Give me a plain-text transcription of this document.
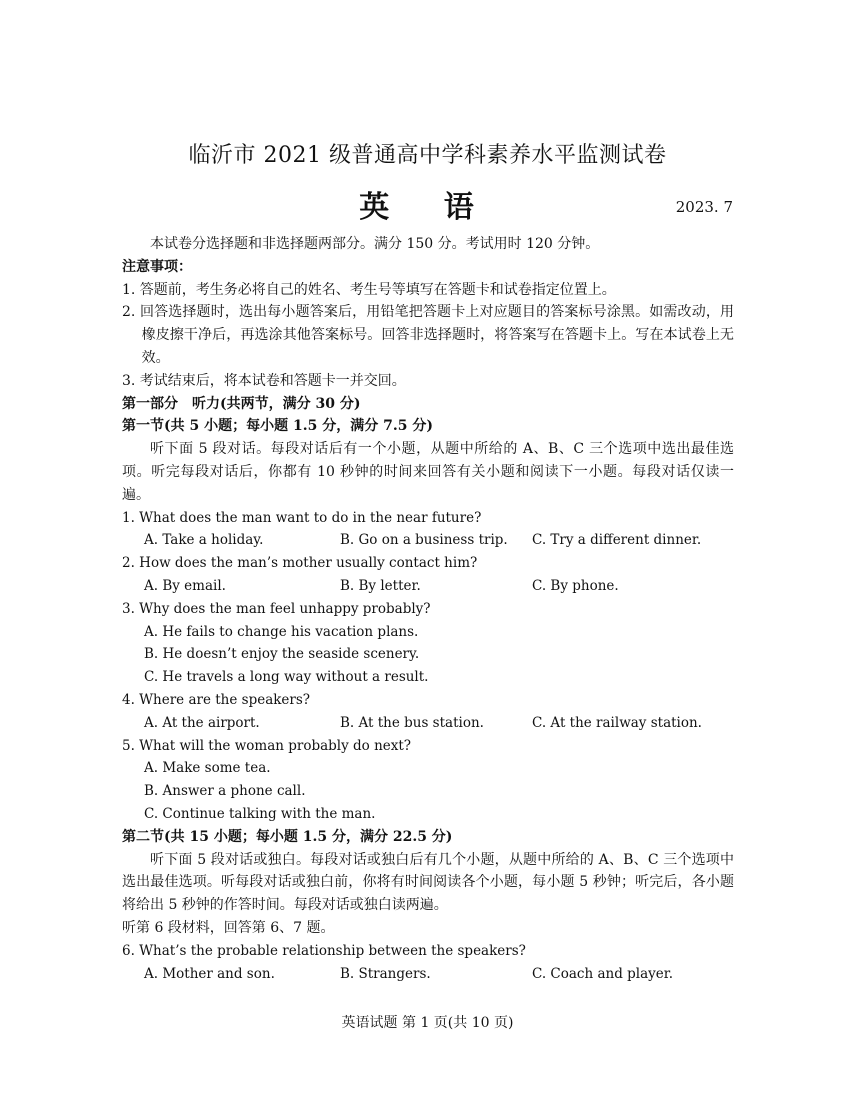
临沂市 2021 级普通高中学科素养水平监测试卷
英 语	2023. 7
本试卷分选择题和非选择题两部分。满分 150 分。考试用时 120 分钟。
注意事项：
1. 答题前，考生务必将自己的姓名、考生号等填写在答题卡和试卷指定位置上。
2. 回答选择题时，选出每小题答案后，用铅笔把答题卡上对应题目的答案标号涂黑。如需改动，用橡皮擦干净后，再选涂其他答案标号。回答非选择题时，将答案写在答题卡上。写在本试卷上无效。
3. 考试结束后，将本试卷和答题卡一并交回。
第一部分　听力(共两节，满分 30 分)
第一节(共 5 小题；每小题 1.5 分，满分 7.5 分)
听下面 5 段对话。每段对话后有一个小题，从题中所给的 A、B、C 三个选项中选出最佳选项。听完每段对话后，你都有 10 秒钟的时间来回答有关小题和阅读下一小题。每段对话仅读一遍。
1. What does the man want to do in the near future?
A. Take a holiday.	B. Go on a business trip.	C. Try a different dinner.
2. How does the man’s mother usually contact him?
A. By email.	B. By letter.	C. By phone.
3. Why does the man feel unhappy probably?
A. He fails to change his vacation plans.
B. He doesn’t enjoy the seaside scenery.
C. He travels a long way without a result.
4. Where are the speakers?
A. At the airport.	B. At the bus station.	C. At the railway station.
5. What will the woman probably do next?
A. Make some tea.
B. Answer a phone call.
C. Continue talking with the man.
第二节(共 15 小题；每小题 1.5 分，满分 22.5 分)
听下面 5 段对话或独白。每段对话或独白后有几个小题，从题中所给的 A、B、C 三个选项中选出最佳选项。听每段对话或独白前，你将有时间阅读各个小题，每小题 5 秒钟；听完后，各小题将给出 5 秒钟的作答时间。每段对话或独白读两遍。
听第 6 段材料，回答第 6、7 题。
6. What’s the probable relationship between the speakers?
A. Mother and son.	B. Strangers.	C. Coach and player.
英语试题 第 1 页(共 10 页)
